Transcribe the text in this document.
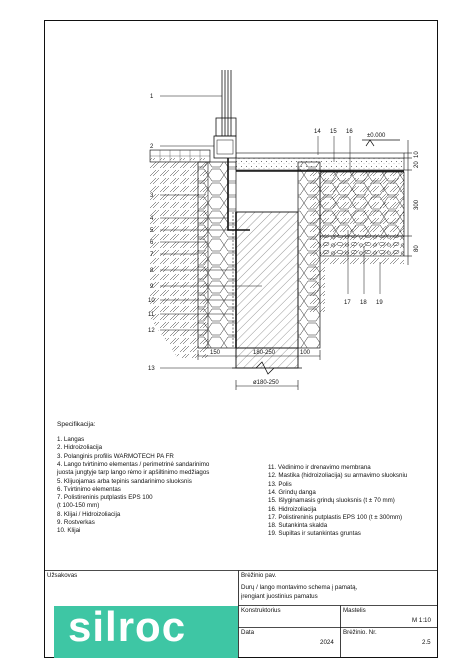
1
2
3
4
5
6
7
8
9
10
11
12
13
14 15 16
17 18 19
±0.000
10
20
300
80
150	180-250	100
ø180-250
Specifikacija:
1. Langas
2. Hidroizoliacija
3. Polanginis profilis WARMOTECH PA FR
4. Lango tvirtinimo elementas / perimetrinė sandarinimo
juosta jungtyje tarp lango rėmo ir apšiltinimo medžiagos
5. Klijuojamas arba tepinis sandarinimo sluoksnis
6. Tvirtinimo elementas
7. Polistireninis putplastis EPS 100
(t 100-150 mm)
8. Klijai / Hidroizoliacija
9. Rostverkas
10. Klijai
11. Vėdinimo ir drenavimo membrana
12. Mastika (hidroizoliacija) su armavimo sluoksniu
13. Polis
14. Grindų danga
15. Išlyginamasis grindų sluoksnis (t ± 70 mm)
16. Hidroizoliacija
17. Polistireninis putplastis EPS 100 (t ± 300mm)
18. Sutankinta skalda
19. Supiltas ir sutankintas gruntas
Užsakovas	Brėžinio pav.
Durų / lango montavimo schema į pamatą,
įrengiant juostinius pamatus
Konstruktorius	Mastelis
M 1:10
Data
2024
Brėžinio. Nr.
2.5
silroc
